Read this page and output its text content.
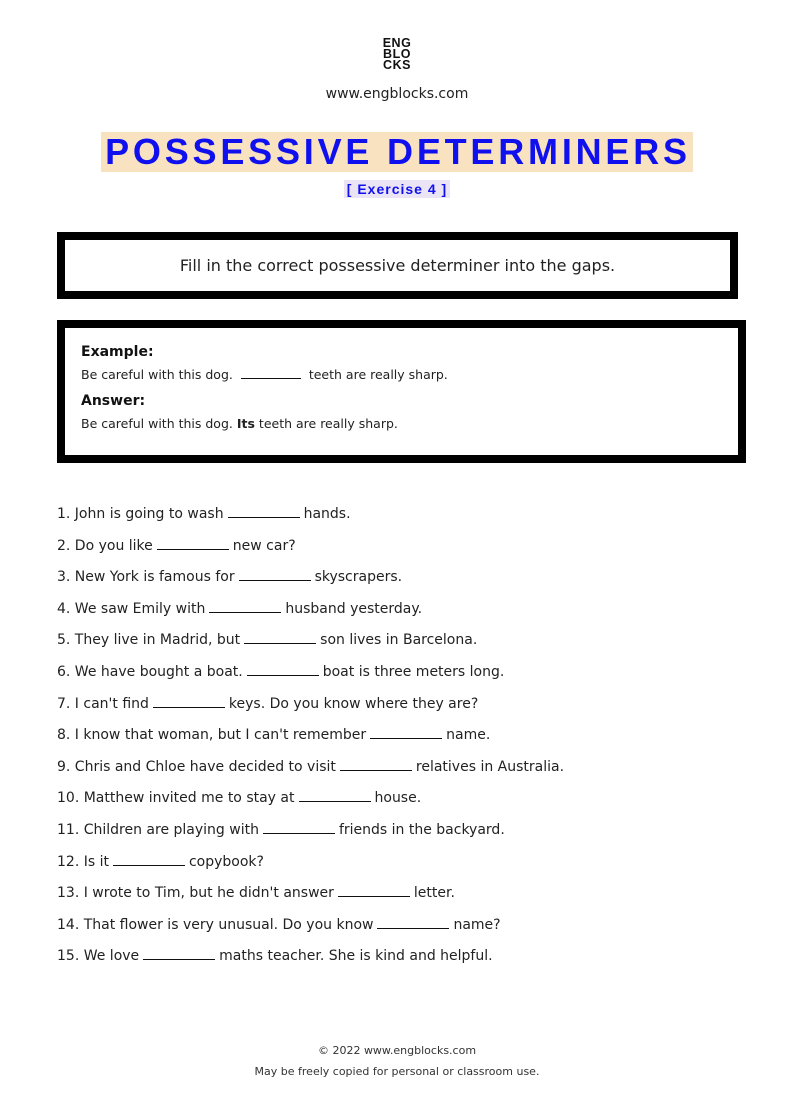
ENG
BLO
CKS
www.engblocks.com
POSSESSIVE DETERMINERS
[ Exercise 4 ]
Fill in the correct possessive determiner into the gaps.
Example:
Be careful with this dog.	teeth are really sharp.
Answer:
Be careful with this dog. Its teeth are really sharp.
1. John is going to wash	hands.
2. Do you like	new car?
3. New York is famous for	skyscrapers.
4. We saw Emily with	husband yesterday.
5. They live in Madrid, but	son lives in Barcelona.
6. We have bought a boat.	boat is three meters long.
7. I can't find	keys. Do you know where they are?
8. I know that woman, but I can't remember	name.
9. Chris and Chloe have decided to visit	relatives in Australia.
10. Matthew invited me to stay at	house.
11. Children are playing with	friends in the backyard.
12. Is it	copybook?
13. I wrote to Tim, but he didn't answer	letter.
14. That flower is very unusual. Do you know	name?
15. We love	maths teacher. She is kind and helpful.
© 2022 www.engblocks.com
May be freely copied for personal or classroom use.
